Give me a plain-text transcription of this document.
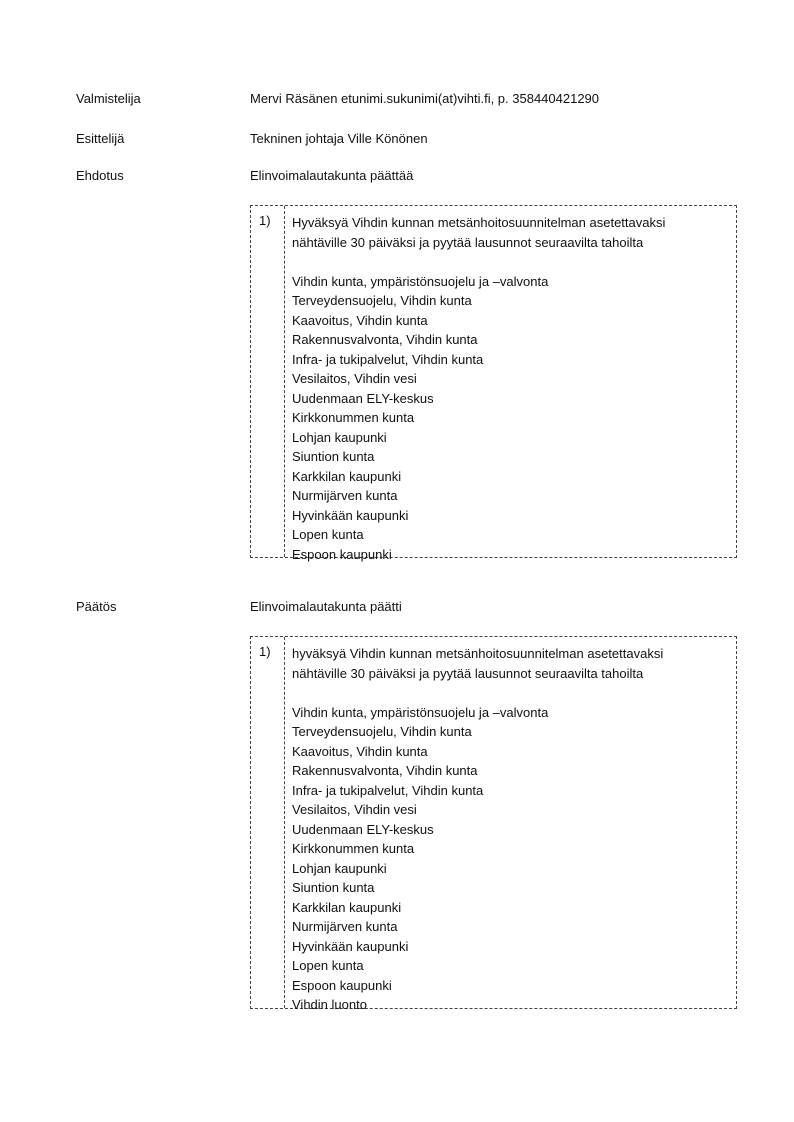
Valmistelija	Mervi Räsänen etunimi.sukunimi(at)vihti.fi, p. 358440421290
Esittelijä	Tekninen johtaja Ville Könönen
Ehdotus	Elinvoimalautakunta päättää
1) Hyväksyä Vihdin kunnan metsänhoitosuunnitelman asetettavaksi
nähtäville 30 päiväksi ja pyytää lausunnot seuraavilta tahoilta
Vihdin kunta, ympäristönsuojelu ja –valvonta
Terveydensuojelu, Vihdin kunta
Kaavoitus, Vihdin kunta
Rakennusvalvonta, Vihdin kunta
Infra- ja tukipalvelut, Vihdin kunta
Vesilaitos, Vihdin vesi
Uudenmaan ELY-keskus
Kirkkonummen kunta
Lohjan kaupunki
Siuntion kunta
Karkkilan kaupunki
Nurmijärven kunta
Hyvinkään kaupunki
Lopen kunta
Espoon kaupunki
Päätös	Elinvoimalautakunta päätti
1) hyväksyä Vihdin kunnan metsänhoitosuunnitelman asetettavaksi
nähtäville 30 päiväksi ja pyytää lausunnot seuraavilta tahoilta
Vihdin kunta, ympäristönsuojelu ja –valvonta
Terveydensuojelu, Vihdin kunta
Kaavoitus, Vihdin kunta
Rakennusvalvonta, Vihdin kunta
Infra- ja tukipalvelut, Vihdin kunta
Vesilaitos, Vihdin vesi
Uudenmaan ELY-keskus
Kirkkonummen kunta
Lohjan kaupunki
Siuntion kunta
Karkkilan kaupunki
Nurmijärven kunta
Hyvinkään kaupunki
Lopen kunta
Espoon kaupunki
Vihdin luonto
